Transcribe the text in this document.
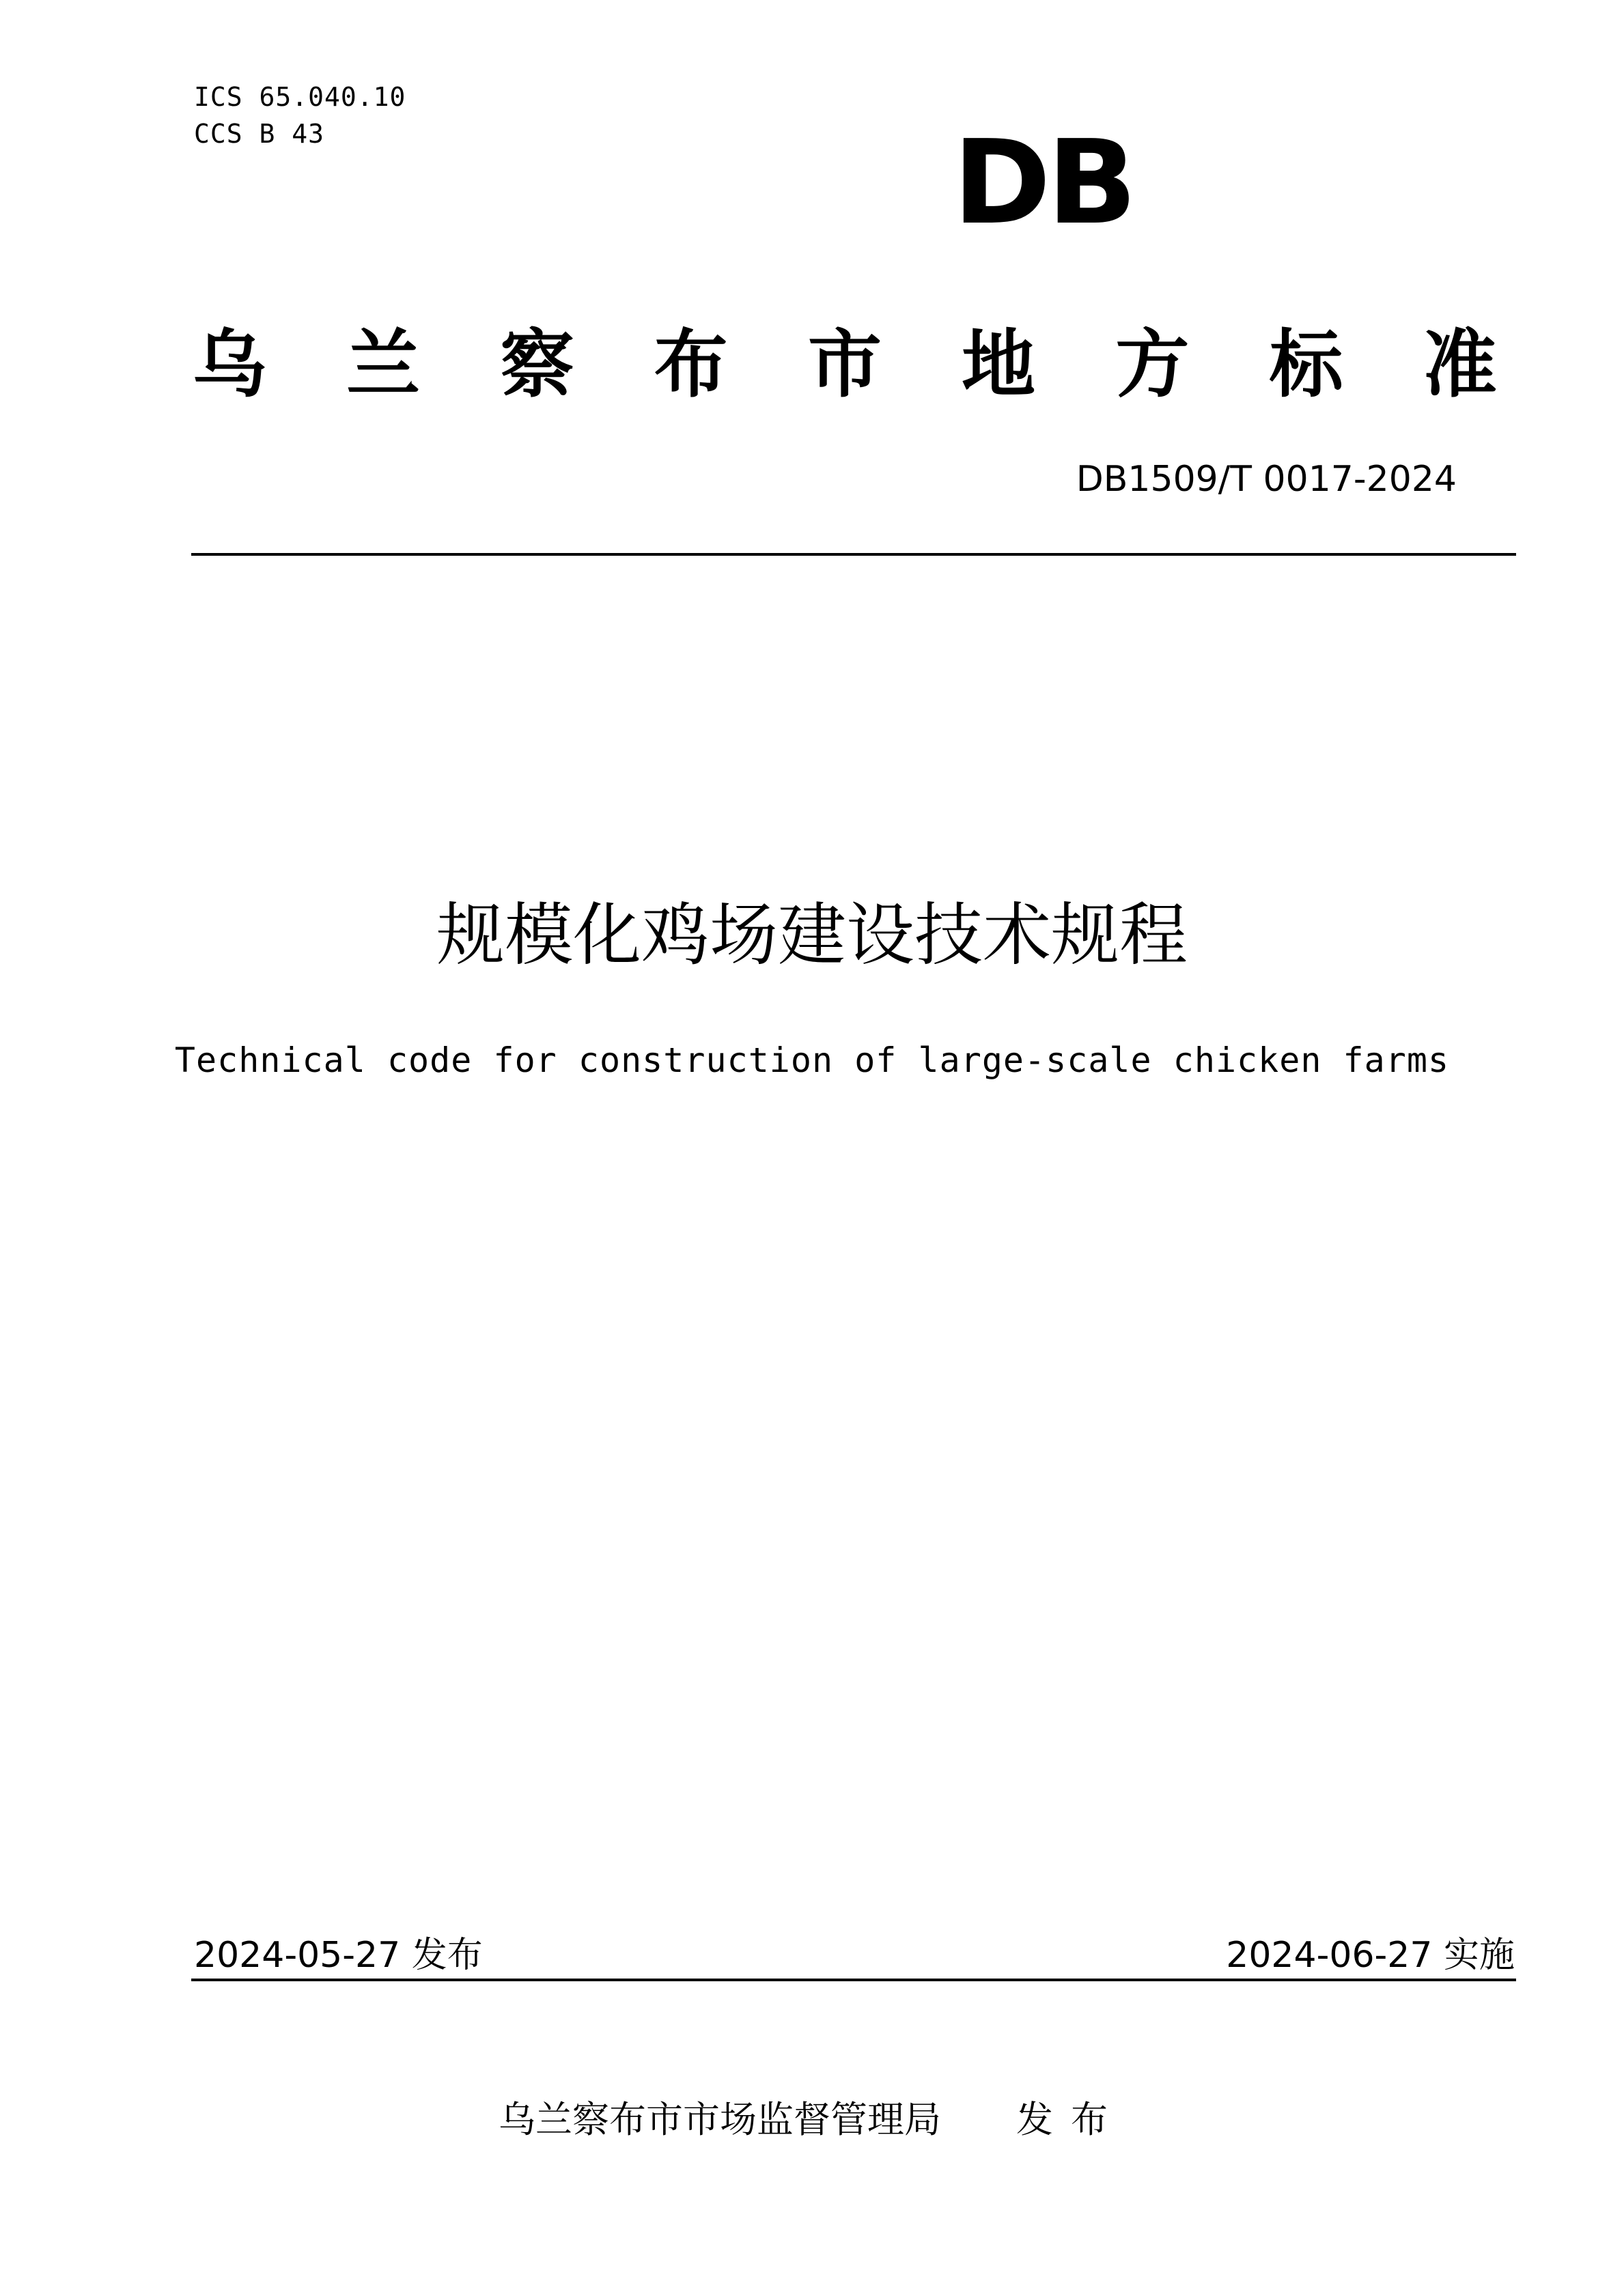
ICS 65.040.10
CCS B 43	DB
乌 兰 察 布 市 地 方 标 准
DB1509/T 0017-2024
规模化鸡场建设技术规程
Technical code for construction of large-scale chicken farms
2024-05-27 发布	2024-06-27 实施
乌兰察布市市场监督管理局 发布
